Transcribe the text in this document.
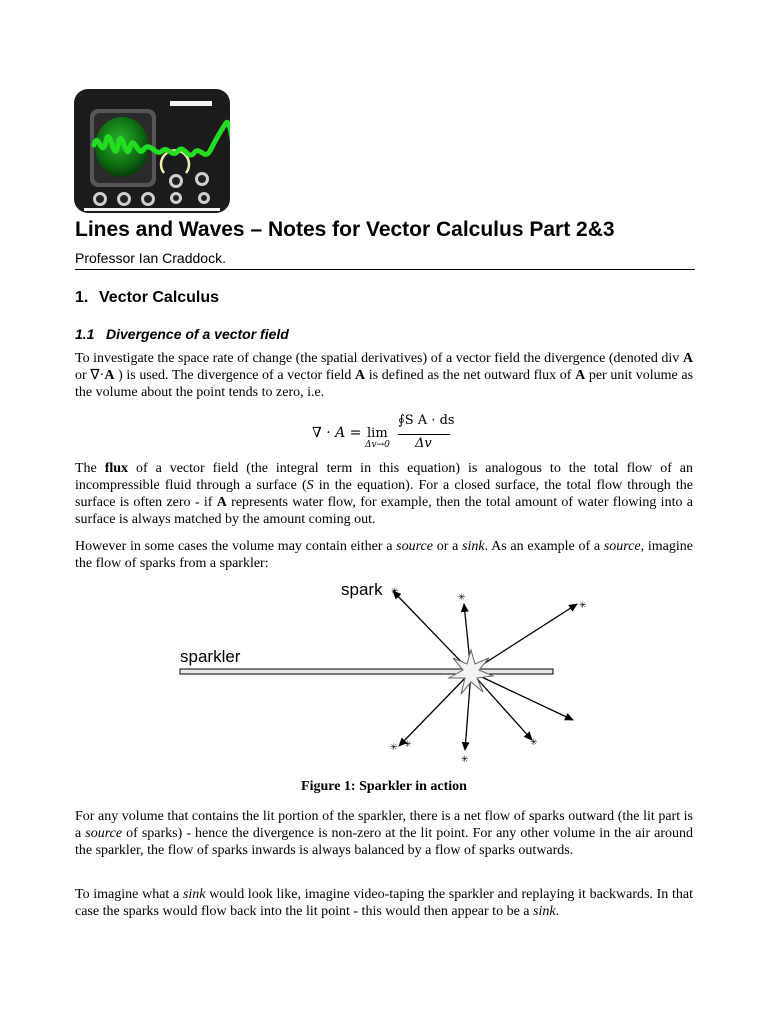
Lines and Waves – Notes for Vector Calculus Part 2&3
Professor Ian Craddock.
1. Vector Calculus
1.1 Divergence of a vector field
To investigate the space rate of change (the spatial derivatives) of a vector field the divergence (denoted div A or ∇·A ) is used. The divergence of a vector field A is defined as the net outward flux of A per unit volume as the volume about the point tends to zero, i.e.
∇ · A = lim
Δv→0
∮S A · ds
Δv
The flux of a vector field (the integral term in this equation) is analogous to the total flow of an incompressible fluid through a surface (S in the equation). For a closed surface, the total flow through the surface is often zero - if A represents water flow, for example, then the total amount of water flowing into a surface is always matched by the amount coming out.
However in some cases the volume may contain either a source or a sink. As an example of a source, imagine the flow of sparks from a sparkler:
✳
✳
✳
✳
✳
✳ ✳
spark
sparkler
Figure 1: Sparkler in action
For any volume that contains the lit portion of the sparkler, there is a net flow of sparks outward (the lit part is a source of sparks) - hence the divergence is non-zero at the lit point. For any other volume in the air around the sparkler, the flow of sparks inwards is always balanced by a flow of sparks outwards.
To imagine what a sink would look like, imagine video-taping the sparkler and replaying it backwards. In that case the sparks would flow back into the lit point - this would then appear to be a sink.
